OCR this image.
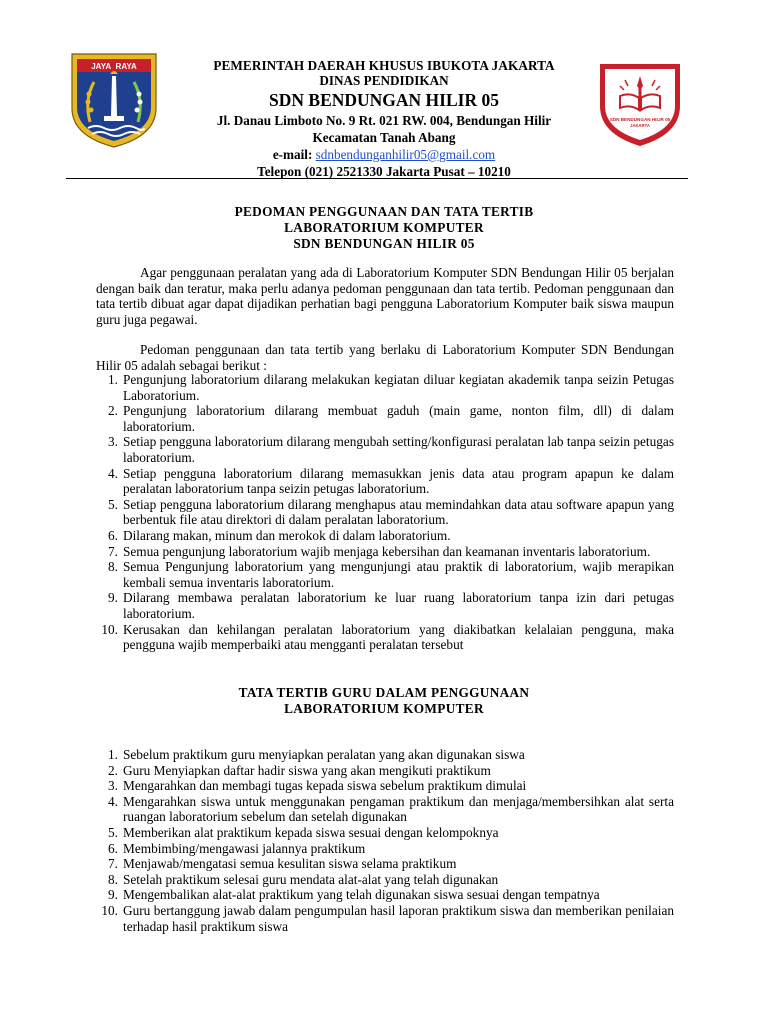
JAYA  RAYA	PEMERINTAH DAERAH KHUSUS IBUKOTA JAKARTA
DINAS PENDIDIKAN
SDN BENDUNGAN HILIR 05
Jl. Danau Limboto No. 9 Rt. 021 RW. 004, Bendungan Hilir
Kecamatan Tanah Abang
e-mail: sdnbendunganhilir05@gmail.com
Telepon (021) 2521330 Jakarta Pusat – 10210
SDN BENDUNGAN HILIR 05
JAKARTA
PEDOMAN PENGGUNAAN DAN TATA TERTIB
LABORATORIUM KOMPUTER
SDN BENDUNGAN HILIR 05
Agar penggunaan peralatan yang ada di Laboratorium Komputer SDN Bendungan Hilir 05 berjalan dengan baik dan teratur, maka perlu adanya pedoman penggunaan dan tata tertib. Pedoman penggunaan dan tata tertib dibuat agar dapat dijadikan perhatian bagi pengguna Laboratorium Komputer baik siswa maupun guru juga pegawai.
Pedoman penggunaan dan tata tertib yang berlaku di Laboratorium Komputer SDN Bendungan Hilir 05 adalah sebagai berikut :
1. Pengunjung laboratorium dilarang melakukan kegiatan diluar kegiatan akademik tanpa seizin Petugas Laboratorium.
2. Pengunjung laboratorium dilarang membuat gaduh (main game, nonton film, dll) di dalam laboratorium.
3. Setiap pengguna laboratorium dilarang mengubah setting/konfigurasi peralatan lab tanpa seizin petugas laboratorium.
4. Setiap pengguna laboratorium dilarang memasukkan jenis data atau program apapun ke dalam peralatan laboratorium tanpa seizin petugas laboratorium.
5. Setiap pengguna laboratorium dilarang menghapus atau memindahkan data atau software apapun yang berbentuk file atau direktori di dalam peralatan laboratorium.
6. Dilarang makan, minum dan merokok di dalam laboratorium.
7. Semua pengunjung laboratorium wajib menjaga kebersihan dan keamanan inventaris laboratorium.
8. Semua Pengunjung laboratorium yang mengunjungi atau praktik di laboratorium, wajib merapikan kembali semua inventaris laboratorium.
9. Dilarang membawa peralatan laboratorium ke luar ruang laboratorium tanpa izin dari petugas laboratorium.
10. Kerusakan dan kehilangan peralatan laboratorium yang diakibatkan kelalaian pengguna, maka pengguna wajib memperbaiki atau mengganti peralatan tersebut
TATA TERTIB GURU DALAM PENGGUNAAN
LABORATORIUM KOMPUTER
1. Sebelum praktikum guru menyiapkan peralatan yang akan digunakan siswa
2. Guru Menyiapkan daftar hadir siswa yang akan mengikuti praktikum
3. Mengarahkan dan membagi tugas kepada siswa sebelum praktikum dimulai
4. Mengarahkan siswa untuk menggunakan pengaman praktikum dan menjaga/membersihkan alat serta ruangan laboratorium sebelum dan setelah digunakan
5. Memberikan alat praktikum kepada siswa sesuai dengan kelompoknya
6. Membimbing/mengawasi jalannya praktikum
7. Menjawab/mengatasi semua kesulitan siswa selama praktikum
8. Setelah praktikum selesai guru mendata alat-alat yang telah digunakan
9. Mengembalikan alat-alat praktikum yang telah digunakan siswa sesuai dengan tempatnya
10. Guru bertanggung jawab dalam pengumpulan hasil laporan praktikum siswa dan memberikan penilaian terhadap hasil praktikum siswa
